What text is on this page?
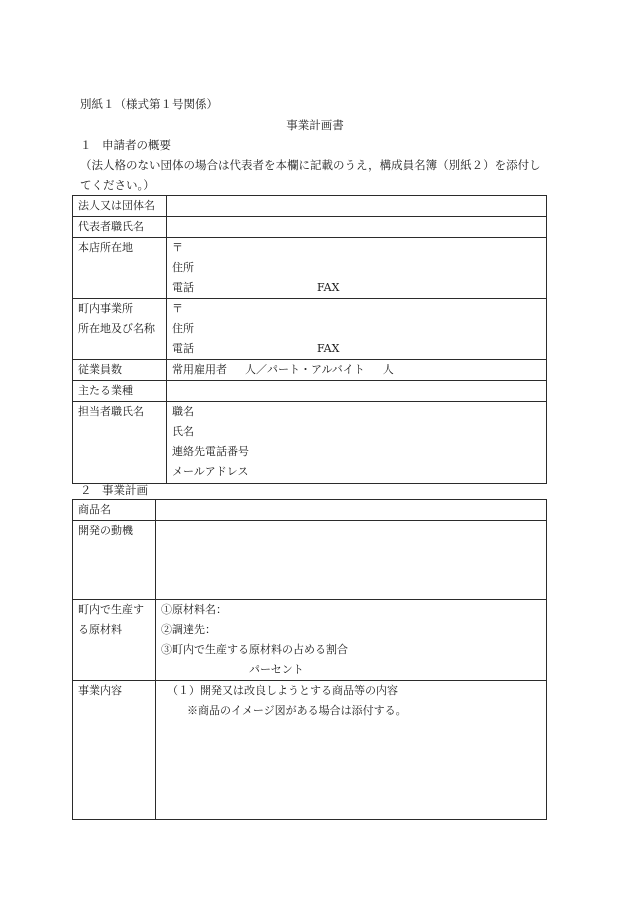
別紙１（様式第１号関係）
事業計画書
１ 申請者の概要
（法人格のない団体の場合は代表者を本欄に記載のうえ，構成員名簿（別紙２）を添付し
てください。）
法人又は団体名	
代表者職氏名	

本店所在地	〒
住所
電話 FAX

町内事業所
所在地及び名称	〒
住所
電話 FAX

従業員数	常用雇用者 人／パート・アルバイト 人
主たる業種	

担当者職氏名	職名
氏名
連絡先電話番号
メールアドレス
２ 事業計画
商品名	

開発の動機	

町内で生産す
る原材料	①原材料名：
②調達先：
③町内で生産する原材料の占める割合
パーセント

事業内容	（１）開発又は改良しようとする商品等の内容
※商品のイメージ図がある場合は添付する。
